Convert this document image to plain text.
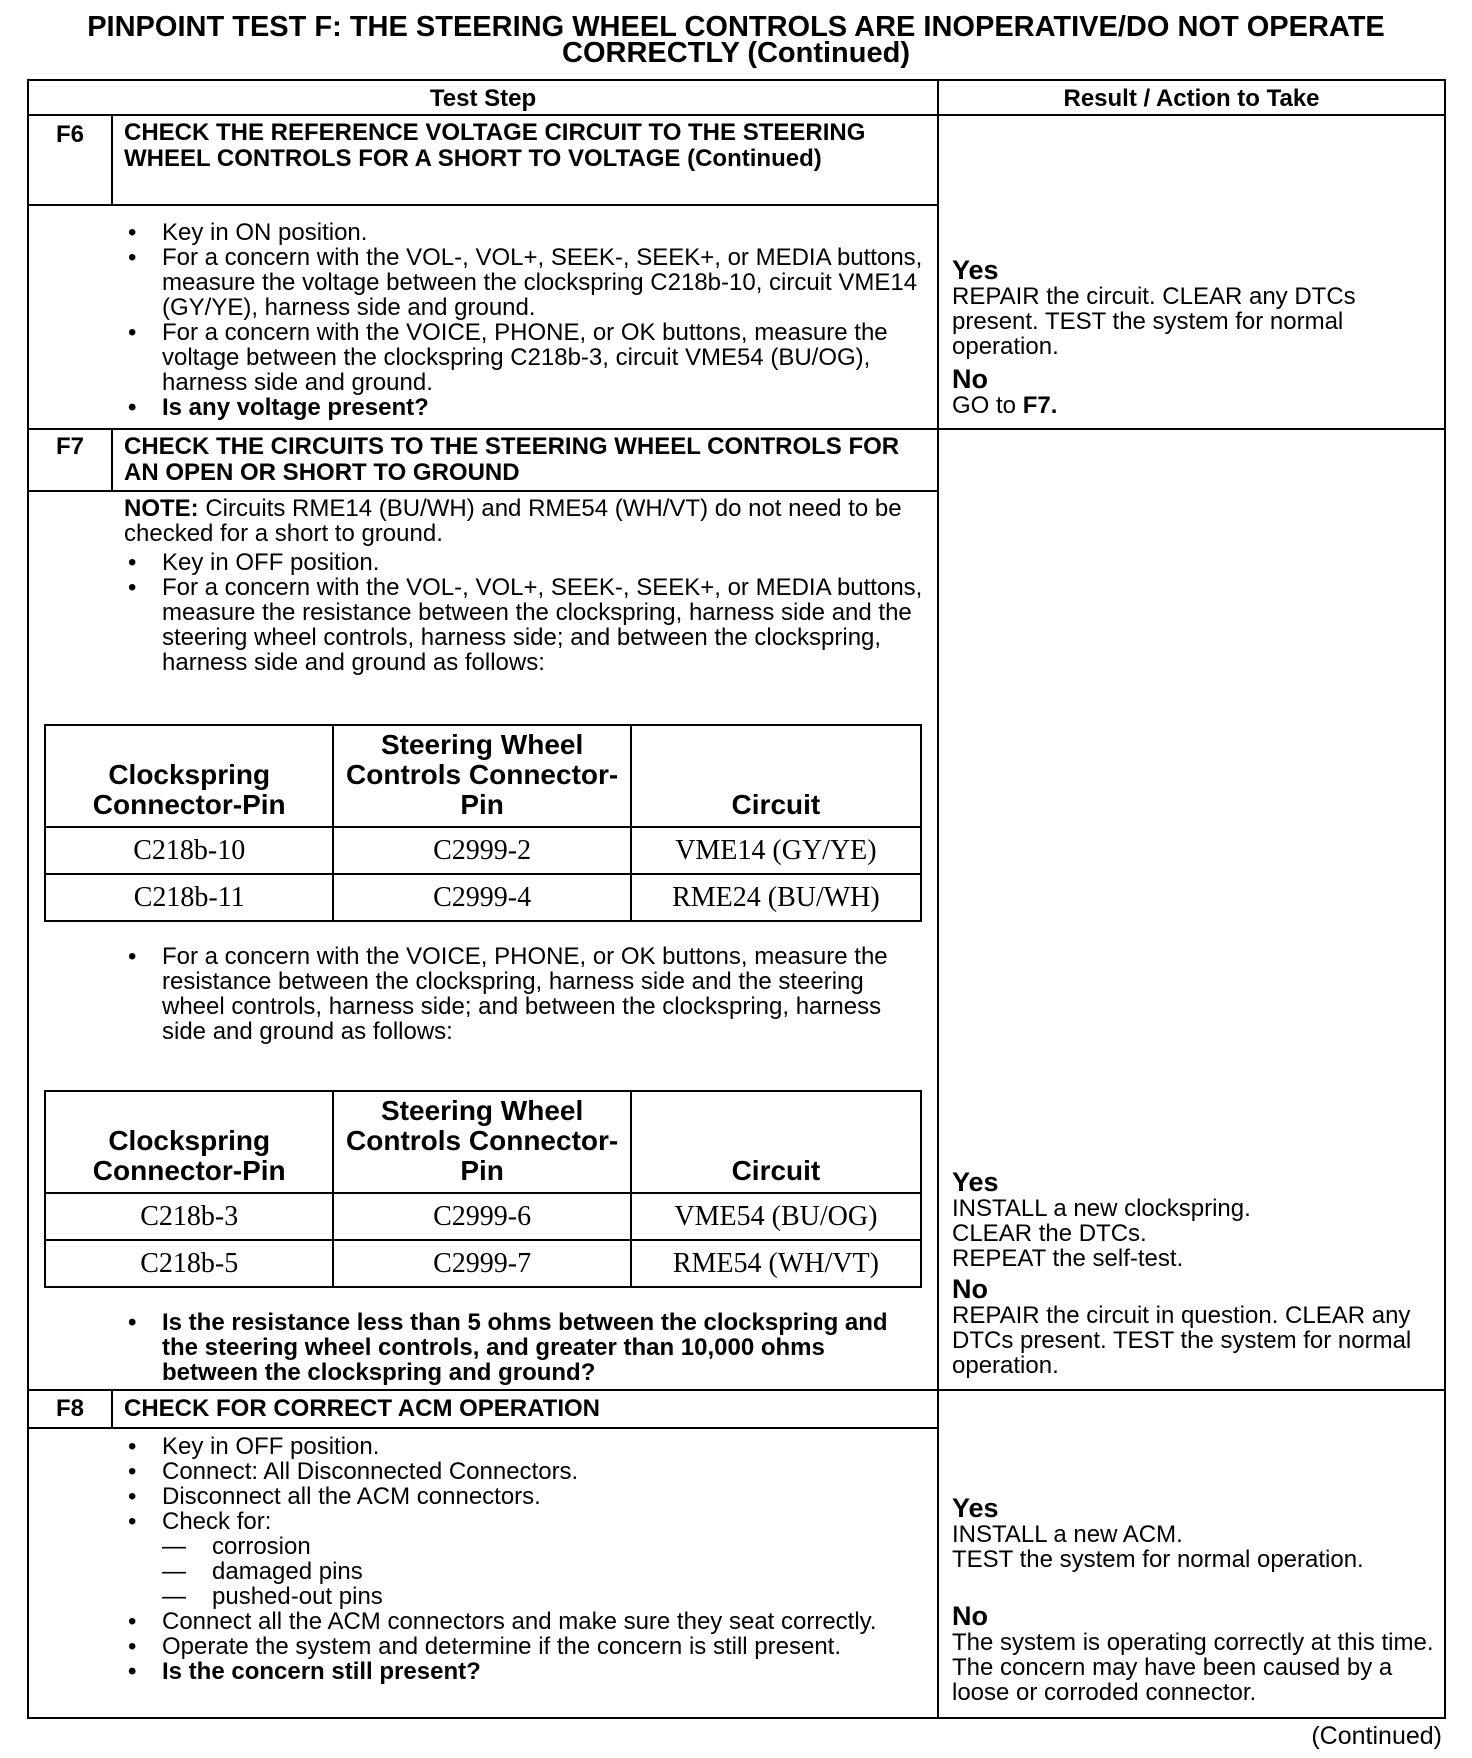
PINPOINT TEST F: THE STEERING WHEEL CONTROLS ARE INOPERATIVE/DO NOT OPERATE CORRECTLY (Continued)
Test Step	Result / Action to Take
F6	CHECK THE REFERENCE VOLTAGE CIRCUIT TO THE STEERING WHEEL CONTROLS FOR A SHORT TO VOLTAGE (Continued)
• Key in ON position.
• For a concern with the VOL-, VOL+, SEEK-, SEEK+, or MEDIA buttons, measure the voltage between the clockspring C218b-10, circuit VME14 (GY/YE), harness side and ground.
• For a concern with the VOICE, PHONE, or OK buttons, measure the voltage between the clockspring C218b-3, circuit VME54 (BU/OG), harness side and ground.
• Is any voltage present?
Yes
REPAIR the circuit. CLEAR any DTCs present. TEST the system for normal operation.
No
GO to F7.
F7	CHECK THE CIRCUITS TO THE STEERING WHEEL CONTROLS FOR AN OPEN OR SHORT TO GROUND
NOTE: Circuits RME14 (BU/WH) and RME54 (WH/VT) do not need to be checked for a short to ground.
• Key in OFF position.
• For a concern with the VOL-, VOL+, SEEK-, SEEK+, or MEDIA buttons, measure the resistance between the clockspring, harness side and the steering wheel controls, harness side; and between the clockspring, harness side and ground as follows:
Clockspring Connector-Pin	Steering Wheel Controls Connector-Pin	Circuit
C218b-10	C2999-2	VME14 (GY/YE)
C218b-11	C2999-4	RME24 (BU/WH)
• For a concern with the VOICE, PHONE, or OK buttons, measure the resistance between the clockspring, harness side and the steering wheel controls, harness side; and between the clockspring, harness side and ground as follows:
Clockspring Connector-Pin	Steering Wheel Controls Connector-Pin	Circuit
C218b-3	C2999-6	VME54 (BU/OG)
C218b-5	C2999-7	RME54 (WH/VT)
• Is the resistance less than 5 ohms between the clockspring and the steering wheel controls, and greater than 10,000 ohms between the clockspring and ground?
Yes
INSTALL a new clockspring.
CLEAR the DTCs.
REPEAT the self-test.
No
REPAIR the circuit in question. CLEAR any DTCs present. TEST the system for normal operation.
F8	CHECK FOR CORRECT ACM OPERATION
• Key in OFF position.
• Connect: All Disconnected Connectors.
• Disconnect all the ACM connectors.
• Check for:
— corrosion
— damaged pins
— pushed-out pins
• Connect all the ACM connectors and make sure they seat correctly.
• Operate the system and determine if the concern is still present.
• Is the concern still present?
Yes
INSTALL a new ACM.
TEST the system for normal operation.
No
The system is operating correctly at this time. The concern may have been caused by a loose or corroded connector.
(Continued)
